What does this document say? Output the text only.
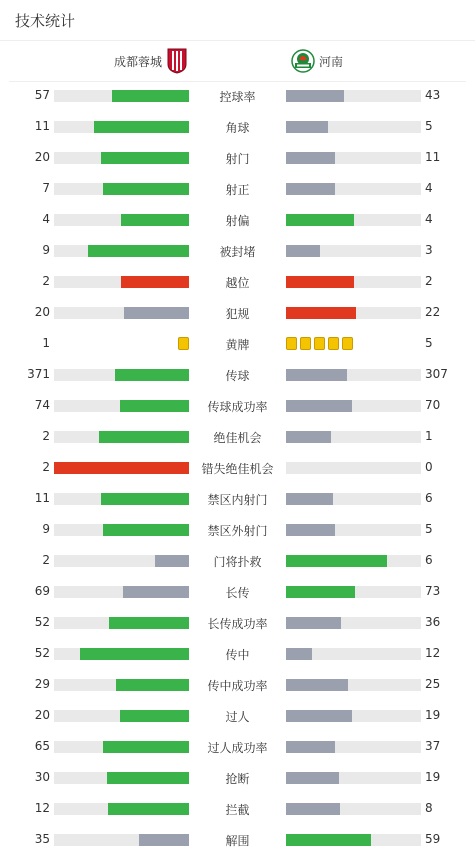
技术统计
成都蓉城	河南
57	控球率	43
11	角球	5
20	射门	11
7	射正	4
4	射偏	4
9	被封堵	3
2	越位	2
20	犯规	22
1	黄牌	5
371	传球	307
74	传球成功率	70
2	绝佳机会	1
2	错失绝佳机会	0
11	禁区内射门	6
9	禁区外射门	5
2	门将扑救	6
69	长传	73
52	长传成功率	36
52	传中	12
29	传中成功率	25
20	过人	19
65	过人成功率	37
30	抢断	19
12	拦截	8
35	解围	59
